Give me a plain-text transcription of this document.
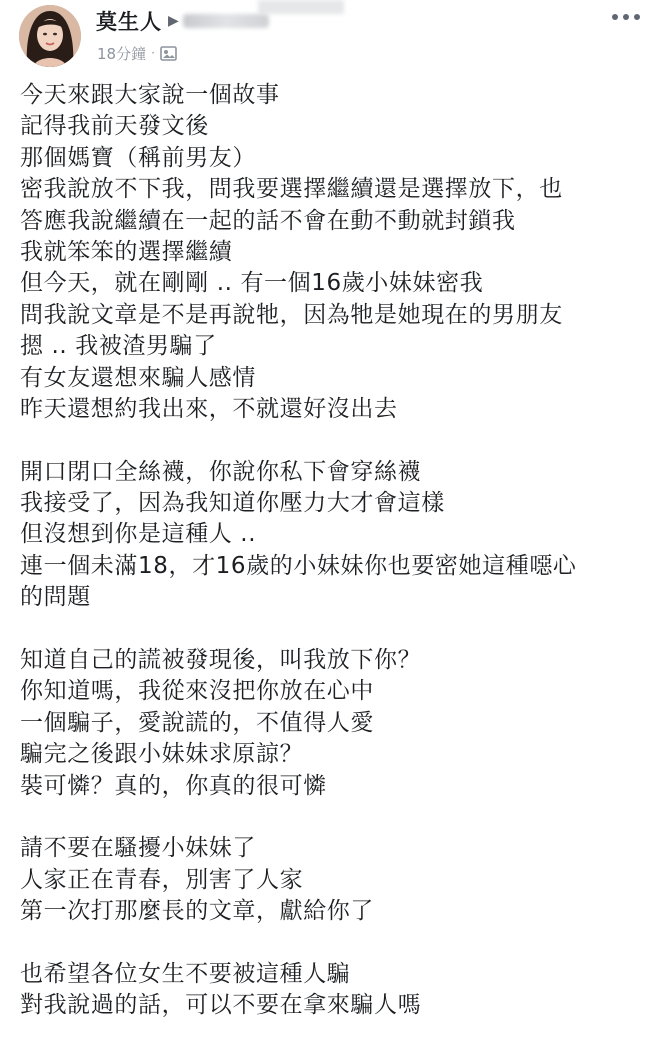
莫生人 ▶
18分鐘 ·
今天來跟大家說一個故事
記得我前天發文後
那個媽寶（稱前男友）
密我說放不下我，問我要選擇繼續還是選擇放下，也
答應我說繼續在一起的話不會在動不動就封鎖我
我就笨笨的選擇繼續
但今天，就在剛剛 .. 有一個16歲小妹妹密我
問我說文章是不是再說牠，因為牠是她現在的男朋友
摁 .. 我被渣男騙了
有女友還想來騙人感情
昨天還想約我出來，不就還好沒出去
開口閉口全絲襪，你說你私下會穿絲襪
我接受了，因為我知道你壓力大才會這樣
但沒想到你是這種人 ..
連一個未滿18，才16歲的小妹妹你也要密她這種噁心
的問題
知道自己的謊被發現後，叫我放下你？
你知道嗎，我從來沒把你放在心中
一個騙子，愛說謊的，不值得人愛
騙完之後跟小妹妹求原諒？
裝可憐？真的，你真的很可憐
請不要在騷擾小妹妹了
人家正在青春，別害了人家
第一次打那麼長的文章，獻給你了
也希望各位女生不要被這種人騙
對我說過的話，可以不要在拿來騙人嗎
